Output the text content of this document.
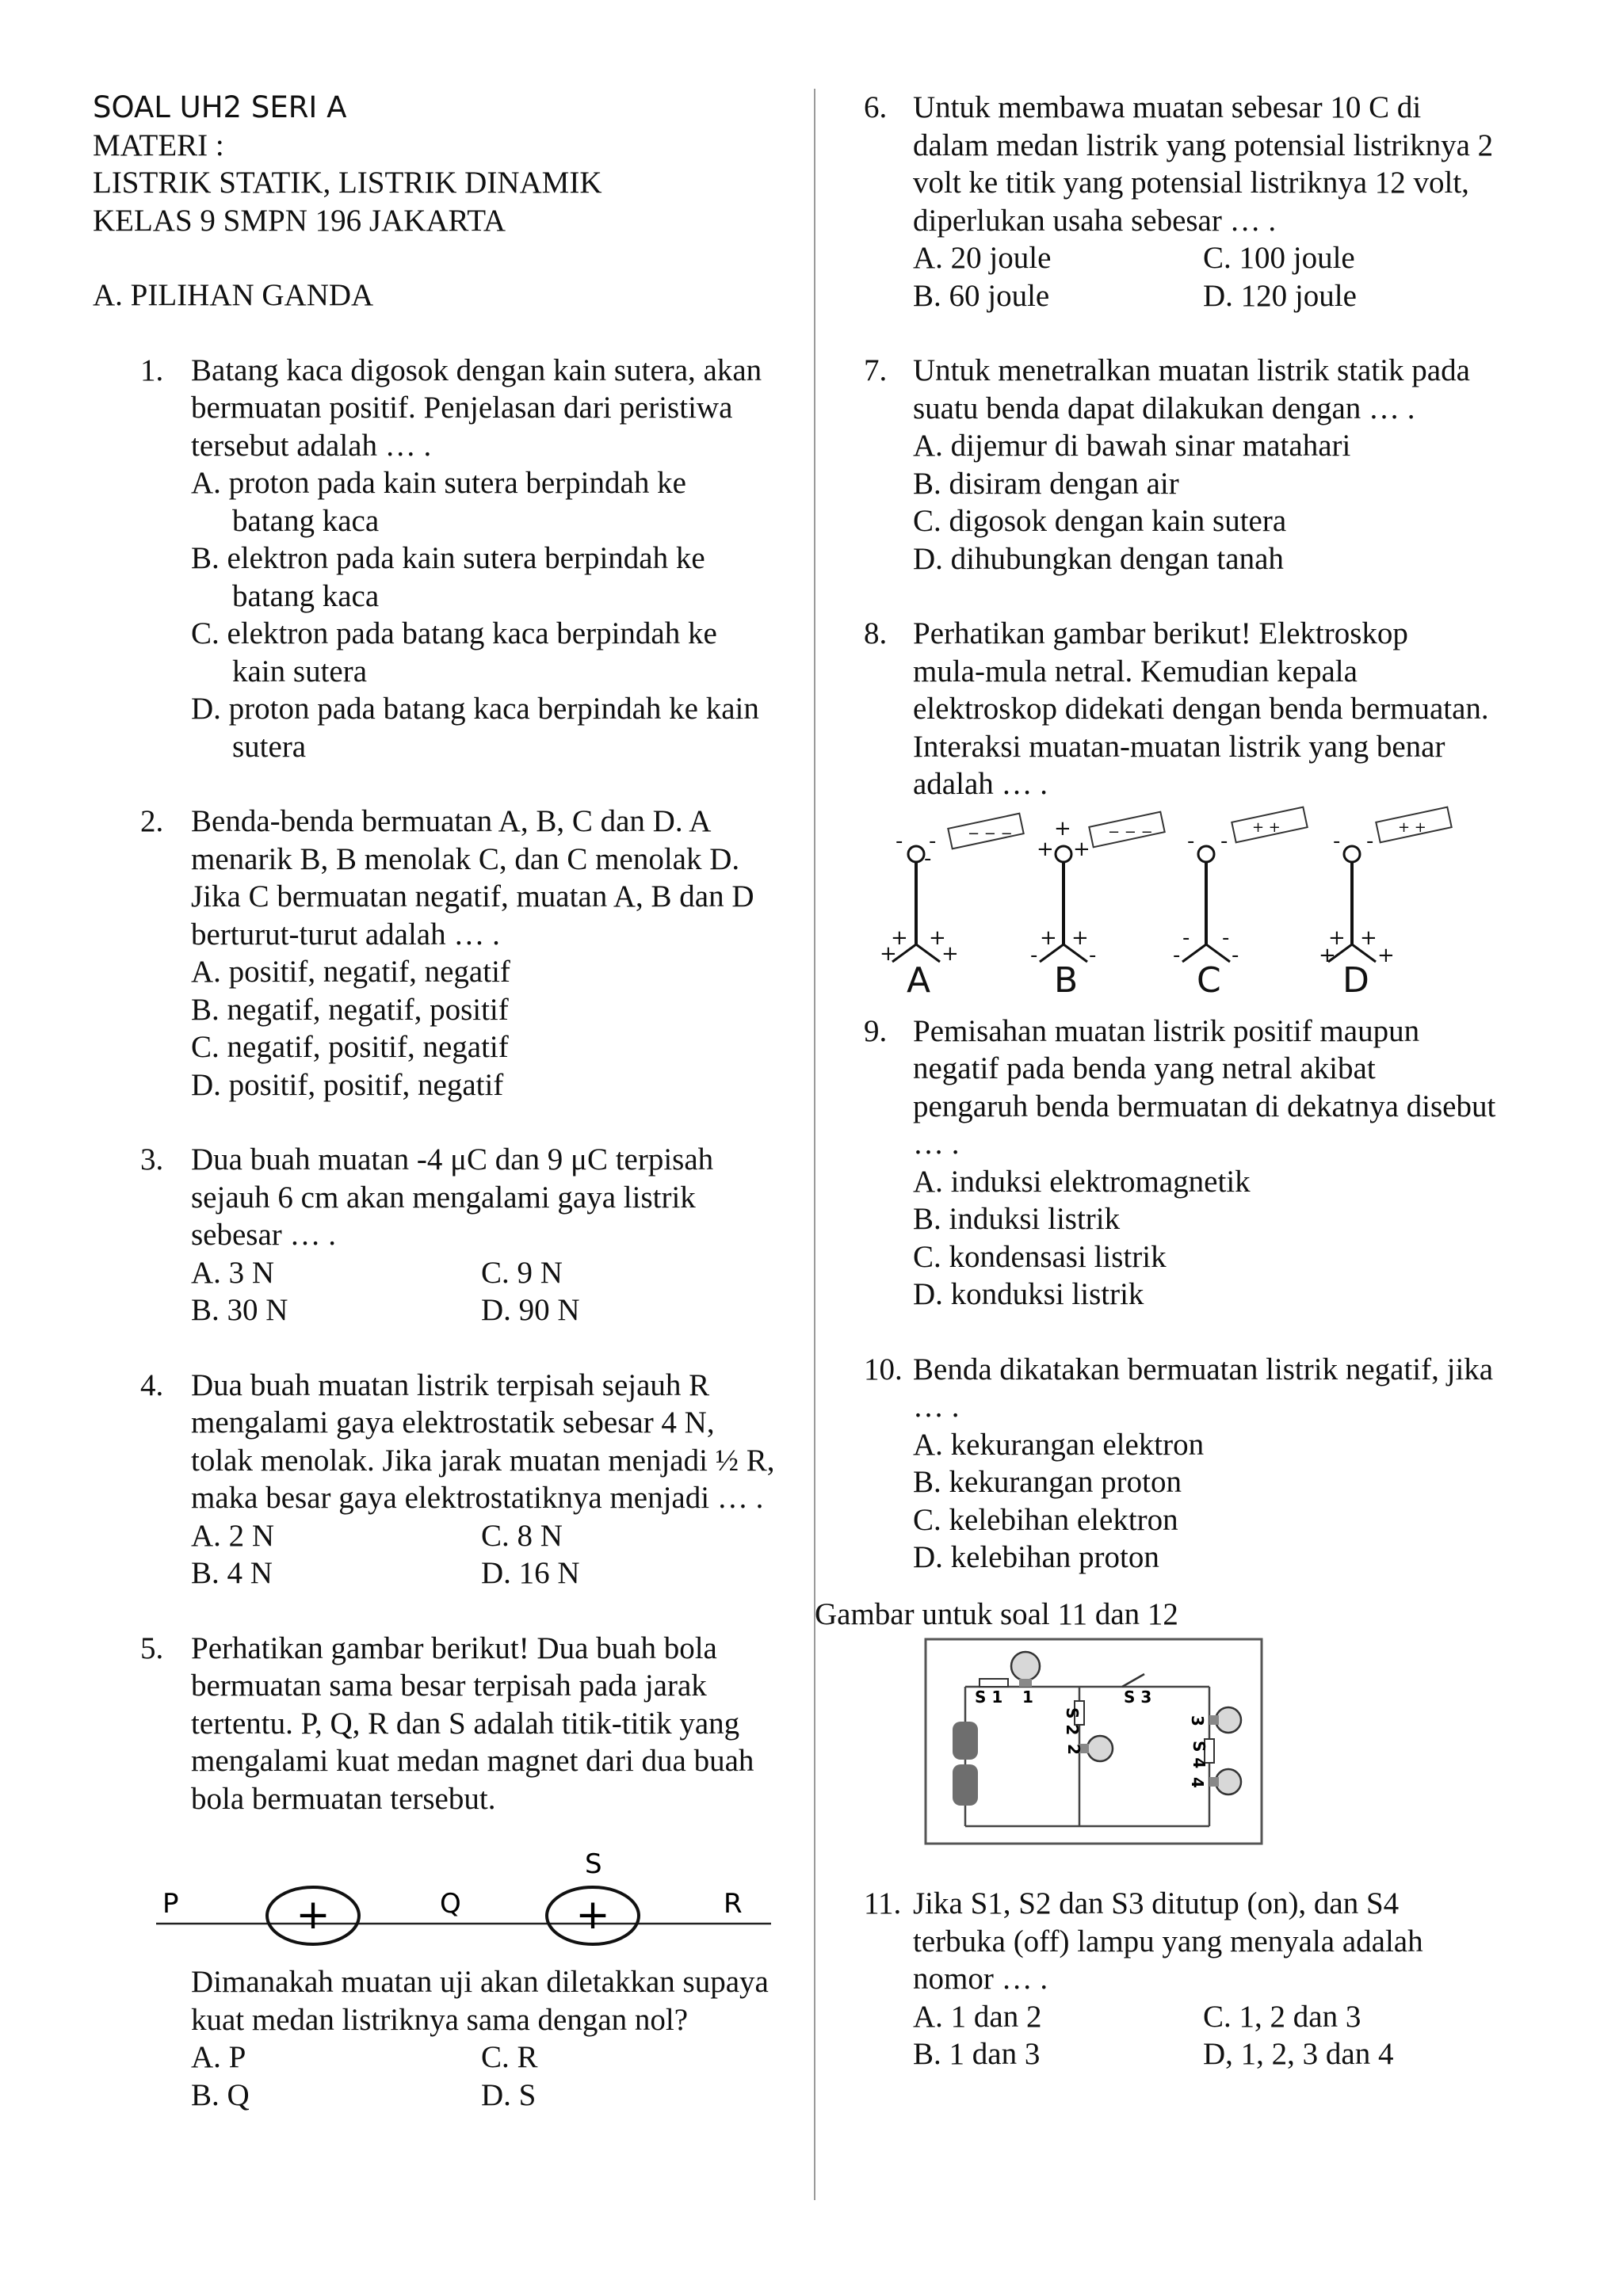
SOAL UH2 SERI A
MATERI :
LISTRIK STATIK, LISTRIK DINAMIK
KELAS 9 SMPN 196 JAKARTA
A. PILIHAN GANDA
1. Batang kaca digosok dengan kain sutera, akan
bermuatan positif. Penjelasan dari peristiwa
tersebut adalah … .
A. proton pada kain sutera berpindah ke
batang kaca
B. elektron pada kain sutera berpindah ke
batang kaca
C. elektron pada batang kaca berpindah ke
kain sutera
D. proton pada batang kaca berpindah ke kain
sutera
2. Benda-benda bermuatan A, B, C dan D. A
menarik B, B menolak C, dan C menolak D.
Jika C bermuatan negatif, muatan A, B dan D
berturut-turut adalah … .
A. positif, negatif, negatif
B. negatif, negatif, positif
C. negatif, positif, negatif
D. positif, positif, negatif
3. Dua buah muatan -4 μC dan 9 μC terpisah
sejauh 6 cm akan mengalami gaya listrik
sebesar … .
A. 3 N	C. 9 N
B. 30 N	D. 90 N
4. Dua buah muatan listrik terpisah sejauh R
mengalami gaya elektrostatik sebesar 4 N,
tolak menolak. Jika jarak muatan menjadi ½ R,
maka besar gaya elektrostatiknya menjadi … .
A. 2 N	C. 8 N
B. 4 N	D. 16 N
5. Perhatikan gambar berikut! Dua buah bola
bermuatan sama besar terpisah pada jarak
tertentu. P, Q, R dan S adalah titik-titik yang
mengalami kuat medan magnet dari dua buah
bola bermuatan tersebut.
+	+
P	Q	R
S
Dimanakah muatan uji akan diletakkan supaya
kuat medan listriknya sama dengan nol?
A. P	C. R
B. Q	D. S
6. Untuk membawa muatan sebesar 10 C di
dalam medan listrik yang potensial listriknya 2
volt ke titik yang potensial listriknya 12 volt,
diperlukan usaha sebesar … .
A. 20 joule	C. 100 joule
B. 60 joule	D. 120 joule
7. Untuk menetralkan muatan listrik statik pada
suatu benda dapat dilakukan dengan … .
A. dijemur di bawah sinar matahari
B. disiram dengan air
C. digosok dengan kain sutera
D. dihubungkan dengan tanah
8. Perhatikan gambar berikut! Elektroskop
mula-mula netral. Kemudian kepala
elektroskop didekati dengan benda bermuatan.
Interaksi muatan-muatan listrik yang benar
adalah … .
− − −
- -
-
+ +
+ +
A
− − −
+
+ +
+ +
- -
B
+ +
- -
- -
- -
C
+ +
- -
+ +
+ +
D
9. Pemisahan muatan listrik positif maupun
negatif pada benda yang netral akibat
pengaruh benda bermuatan di dekatnya disebut
… .
A. induksi elektromagnetik
B. induksi listrik
C. kondensasi listrik
D. konduksi listrik
10. Benda dikatakan bermuatan listrik negatif, jika
… .
A. kekurangan elektron
B. kekurangan proton
C. kelebihan elektron
D. kelebihan proton
Gambar untuk soal 11 dan 12
S 1 1
S 2
2
S 3
3
S 4
4
11. Jika S1, S2 dan S3 ditutup (on), dan S4
terbuka (off) lampu yang menyala adalah
nomor … .
A. 1 dan 2	C. 1, 2 dan 3
B. 1 dan 3	D, 1, 2, 3 dan 4
